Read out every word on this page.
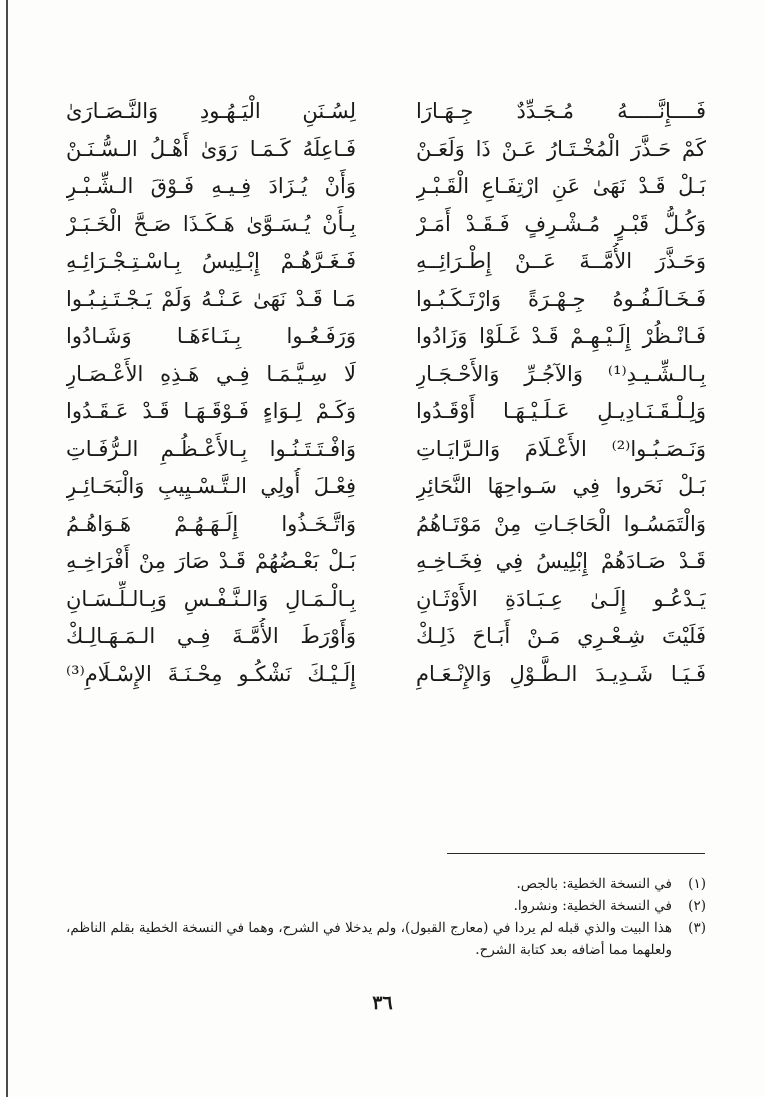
فَــــإِنَّـــــهُ مُـجَـدِّدٌ جِـهَـارَا
لِسُـنَنِ الْيَـهُـودِ وَالنَّـصَـارَىٰ
كَمْ حَـذَّرَ الْمُخْـتَـارُ عَـنْ ذَا وَلَعَـنْ
فَـاعِلَهُ كَـمَـا رَوَىٰ أَهْـلُ الـسُّـنَـنْ
بَـلْ قَـدْ نَهَىٰ عَنِ ارْتِفَـاعِ الْقَـبْـرِ
وَأَنْ يُـزَادَ فِـيـهِ فَـوْقَ الـشِّـبْـرِ
وَكُـلُّ قَبْـرٍ مُـشْـرِفٍ فَـقَـدْ أَمَـرْ
بِـأَنْ يُـسَـوَّىٰ هَـكَـذَا صَـحَّ الْخَـبَـرْ
وَحَـذَّرَ الأُمَّــةَ عَــنْ إِطْـرَائِــهِ
فَـغَـرَّهُـمْ إِبْـلِيسُ بِـاسْـتِـجْـرَائِـهِ
فَـخَـالَـفُـوهُ جِـهْـرَةً وَارْتَـكَـبُـوا
مَـا قَـدْ نَهَىٰ عَـنْـهُ وَلَمْ يَـجْـتَـنِـبُـوا
فَـانْـظُرْ إِلَـيْـهِـمْ قَـدْ غَـلَوْا وَزَادُوا
وَرَفَـعُـوا بِـنَـاءَهَـا وَشَـادُوا
بِـالـشِّـيـدِ⁽¹⁾ وَالآجُـرِّ وَالأَحْـجَـارِ
لَا سِـيَّـمَـا فِـي هَـذِهِ الأَعْـصَـارِ
وَلِـلْـقَـنَـادِيـلِ عَـلَـيْـهَـا أَوْقَـدُوا
وَكَـمْ لِـوَاءٍ فَـوْقَـهَـا قَـدْ عَـقَـدُوا
وَنَـصَـبُـوا⁽²⁾ الأَعْـلَامَ وَالـرَّايَـاتِ
وَافْـتَـتَـنُـوا بِـالأَعْـظُـمِ الـرُّفَـاتِ
بَـلْ نَحَروا فِي سَـواحِهَا النَّحَائِرِ
فِعْـلَ أُولِي الـتَّـسْـيِيبِ وَالْبَحَـائِـرِ
وَالْتَمَسُـوا الْحَاجَـاتِ مِنْ مَوْتَـاهُمُ
وَاتَّـخَـذُوا إِلَـهَـهُـمْ هَـوَاهُـمُ
قَـدْ صَـادَهُمْ إِبْلِيسُ فِي فِخَـاخِـهِ
بَـلْ بَعْـضُهُمْ قَـدْ صَارَ مِنْ أَفْرَاخِـهِ
يَـدْعُـو إِلَـىٰ عِـبَـادَةِ الأَوْثَـانِ
بِـالْـمَـالِ وَالـنَّـفْـسِ وَبِـالـلِّـسَـانِ
فَلَيْتَ شِـعْـرِي مَـنْ أَبَـاحَ ذَلِـكْ
وَأَوْرَطَ الأُمَّـةَ فِـي الـمَـهَـالِـكْ
فَـيَـا شَـدِيـدَ الـطَّـوْلِ وَالإِنْـعَـامِ
إِلَـيْـكَ نَشْكُـو مِحْـنَـةَ الإِسْـلَامِ⁽³⁾
(١)
في النسخة الخطية: بالجص.
(٢)
في النسخة الخطية: ونشروا.
(٣)
هذا البيت والذي قبله لم يردا في (معارج القبول)، ولم يدخلا في الشرح، وهما في النسخة الخطية بقلم الناظم، ولعلهما مما أضافه بعد كتابة الشرح.
٣٦
